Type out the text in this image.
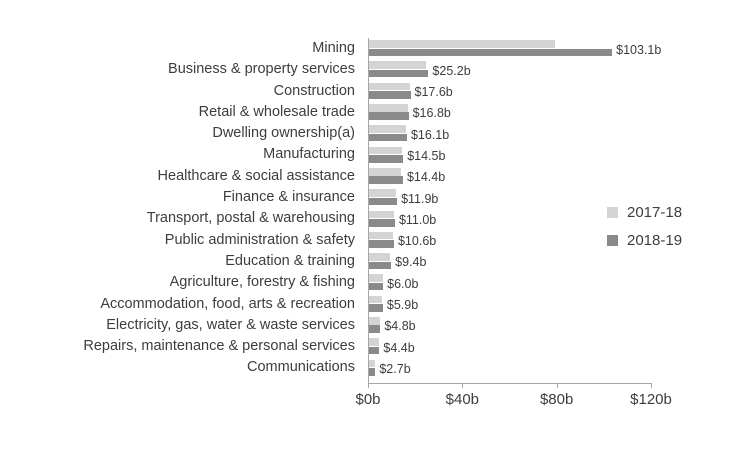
Mining	$103.1b
Business & property services	$25.2b
Construction	$17.6b
Retail & wholesale trade	$16.8b
Dwelling ownership(a)	$16.1b
Manufacturing	$14.5b
Healthcare & social assistance	$14.4b
Finance & insurance	$11.9b
Transport, postal & warehousing	$11.0b
Public administration & safety	$10.6b
Education & training	$9.4b
Agriculture, forestry & fishing	$6.0b
Accommodation, food, arts & recreation	$5.9b
Electricity, gas, water & waste services	$4.8b
Repairs, maintenance & personal services	$4.4b
Communications	$2.7b
$0b	$40b	$80b	$120b
2017-18
2018-19
